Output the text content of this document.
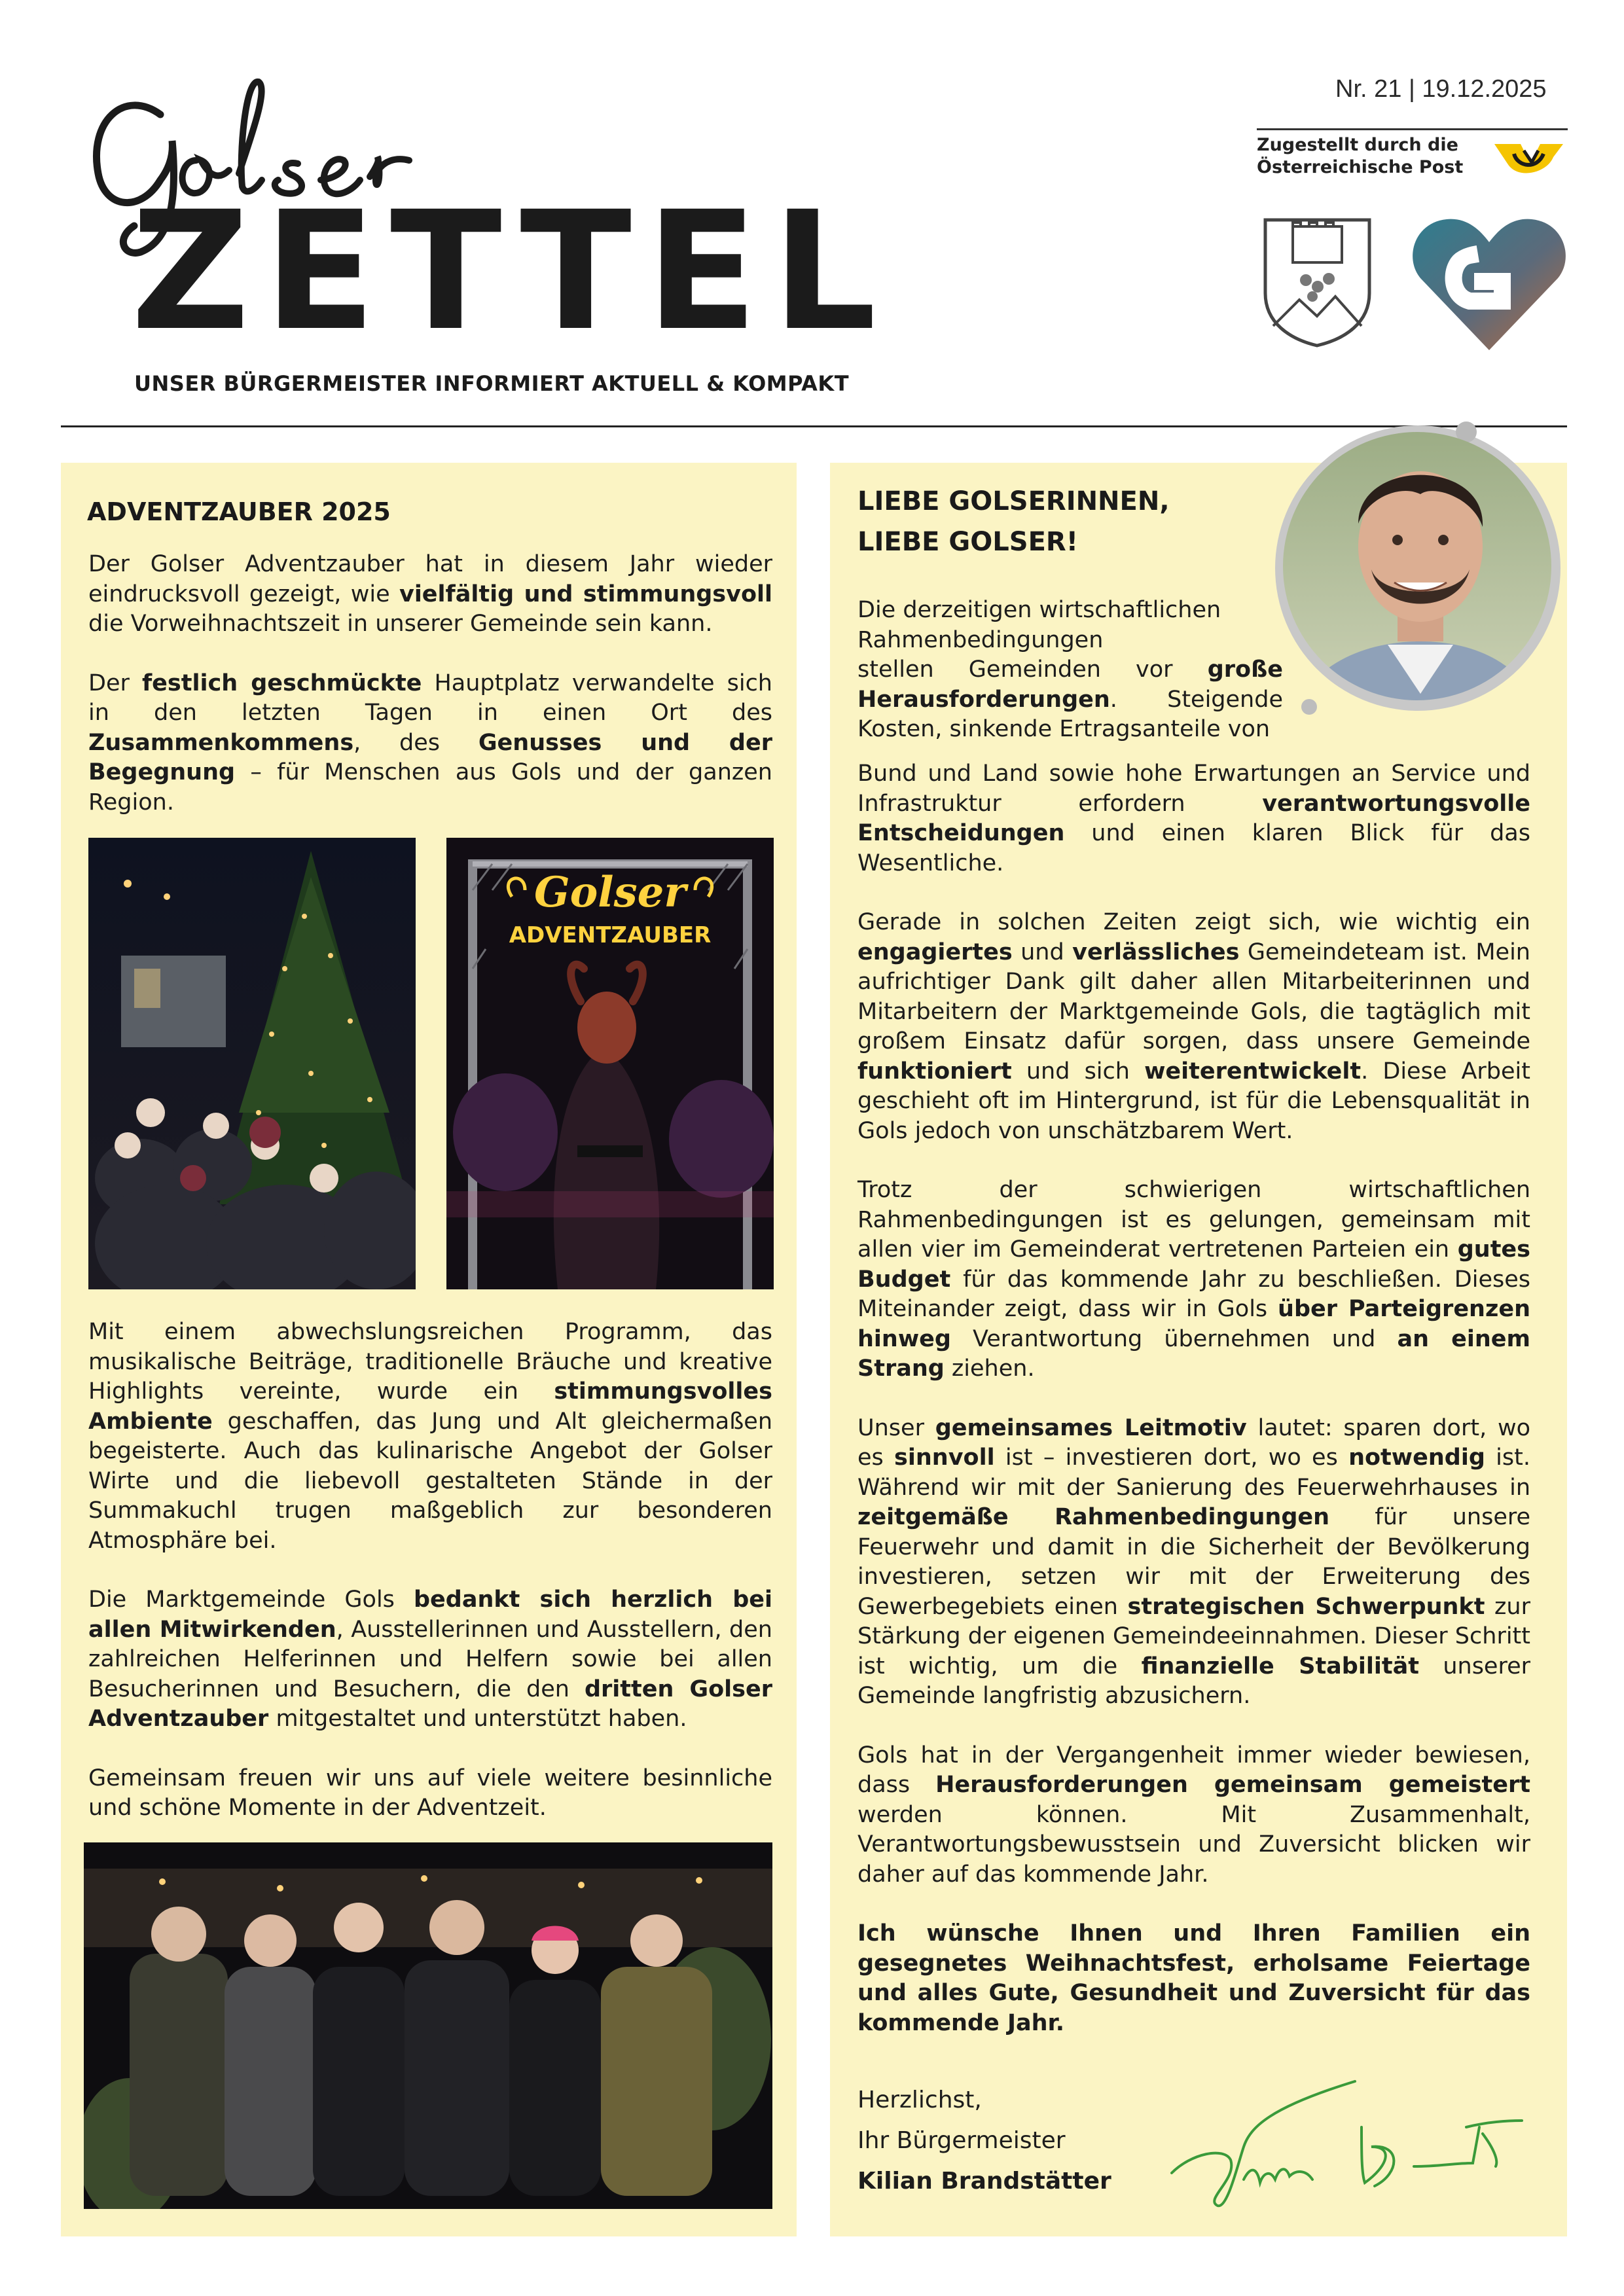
ZETTEL
UNSER BÜRGERMEISTER INFORMIERT AKTUELL & KOMPAKT
Nr. 21 | 19.12.2025
Zugestellt durch die
Österreichische Post
ADVENTZAUBER 2025

Der Golser Adventzauber hat in diesem Jahr wieder eindrucksvoll gezeigt, wie vielfältig und stimmungsvoll die Vorweihnachtszeit in unserer Gemeinde sein kann.

Der festlich geschmückte Hauptplatz verwandelte sich in den letzten Tagen in einen Ort des Zusammenkommens, des Genusses und der Begegnung – für Menschen aus Gols und der ganzen Region.

Golser
ADVENTZAUBER

Mit einem abwechslungsreichen Programm, das musikalische Beiträge, traditionelle Bräuche und kreative Highlights vereinte, wurde ein stimmungsvolles Ambiente geschaffen, das Jung und Alt gleichermaßen begeisterte. Auch das kulinarische Angebot der Golser Wirte und die liebevoll gestalteten Stände in der Summakuchl trugen maßgeblich zur besonderen Atmosphäre bei.

Die Marktgemeinde Gols bedankt sich herzlich bei allen Mitwirkenden, Ausstellerinnen und Ausstellern, den zahlreichen Helferinnen und Helfern sowie bei allen Besucherinnen und Besuchern, die den dritten Golser Adventzauber mitgestaltet und unterstützt haben.

Gemeinsam freuen wir uns auf viele weitere besinnliche und schöne Momente in der Adventzeit.

LIEBE GOLSERINNEN,
LIEBE GOLSER!
Die derzeitigen wirtschaftlichen
Rahmenbedingungen
stellen Gemeinden vor große
Herausforderungen. Steigende
Kosten, sinkende Ertragsanteile von

Bund und Land sowie hohe Erwartungen an Service und Infrastruktur erfordern verantwortungsvolle Entscheidungen und einen klaren Blick für das Wesentliche.

Gerade in solchen Zeiten zeigt sich, wie wichtig ein engagiertes und verlässliches Gemeindeteam ist. Mein aufrichtiger Dank gilt daher allen Mitarbeiterinnen und Mitarbeitern der Marktgemeinde Gols, die tagtäglich mit großem Einsatz dafür sorgen, dass unsere Gemeinde funktioniert und sich weiterentwickelt. Diese Arbeit geschieht oft im Hintergrund, ist für die Lebensqualität in Gols jedoch von unschätzbarem Wert.

Trotz der schwierigen wirtschaftlichen Rahmenbedingungen ist es gelungen, gemeinsam mit allen vier im Gemeinderat vertretenen Parteien ein gutes Budget für das kommende Jahr zu beschließen. Dieses Miteinander zeigt, dass wir in Gols über Parteigrenzen hinweg Verantwortung übernehmen und an einem Strang ziehen.

Unser gemeinsames Leitmotiv lautet: sparen dort, wo es sinnvoll ist – investieren dort, wo es notwendig ist. Während wir mit der Sanierung des Feuerwehrhauses in zeitgemäße Rahmenbedingungen für unsere Feuerwehr und damit in die Sicherheit der Bevölkerung investieren, setzen wir mit der Erweiterung des Gewerbegebiets einen strategischen Schwerpunkt zur Stärkung der eigenen Gemeindeeinnahmen. Dieser Schritt ist wichtig, um die finanzielle Stabilität unserer Gemeinde langfristig abzusichern.

Gols hat in der Vergangenheit immer wieder bewiesen, dass Herausforderungen gemeinsam gemeistert werden können. Mit Zusammenhalt, Verantwortungsbewusstsein und Zuversicht blicken wir daher auf das kommende Jahr.

Ich wünsche Ihnen und Ihren Familien ein gesegnetes Weihnachtsfest, erholsame Feiertage und alles Gute, Gesundheit und Zuversicht für das kommende Jahr.

Herzlichst,
Ihr Bürgermeister
Kilian Brandstätter
